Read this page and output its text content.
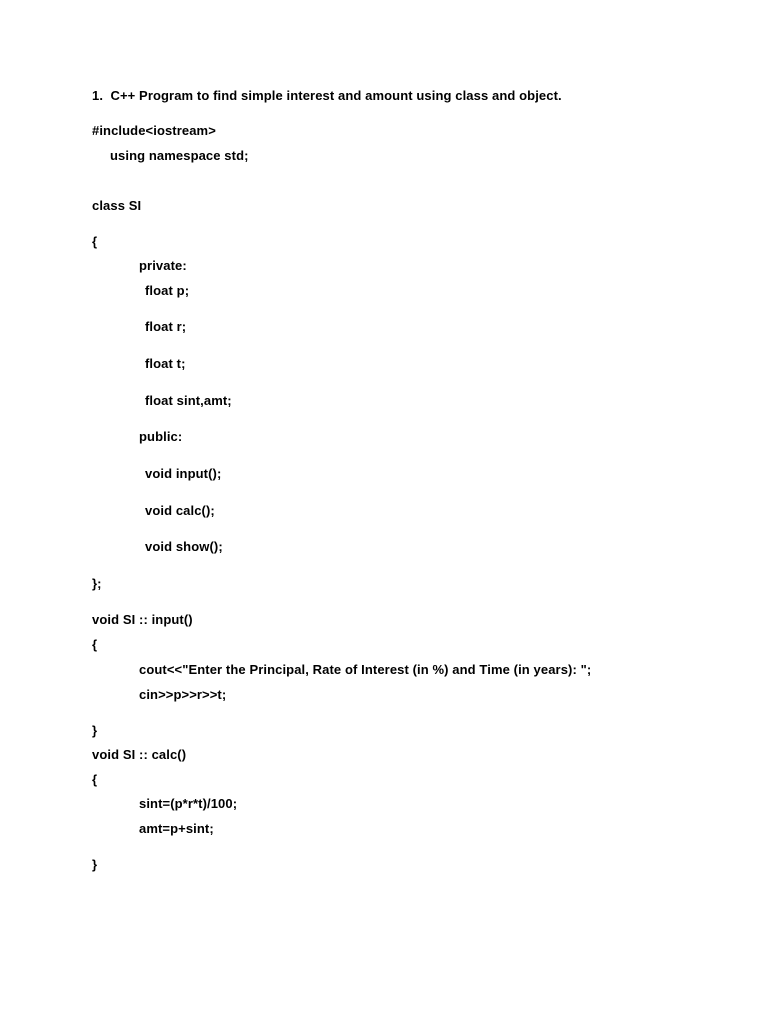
1.  C++ Program to find simple interest and amount using class and object.
#include<iostream>
using namespace std;
class SI
{
private:
float p;
float r;
float t;
float sint,amt;
public:
void input();
void calc();
void show();
};
void SI :: input()
{
cout<<"Enter the Principal, Rate of Interest (in %) and Time (in years): ";
cin>>p>>r>>t;
}
void SI :: calc()
{
sint=(p*r*t)/100;
amt=p+sint;
}
